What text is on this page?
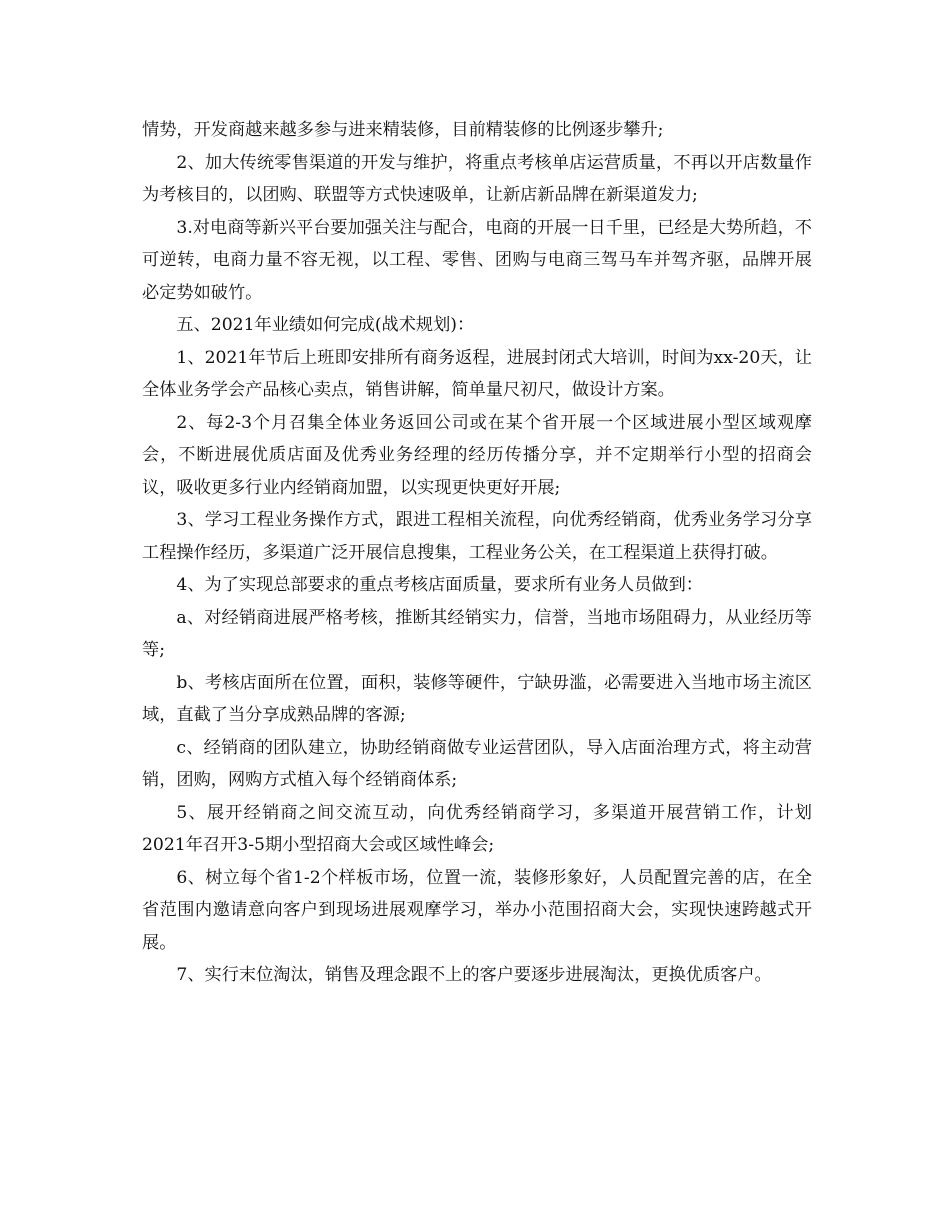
情势，开发商越来越多参与进来精装修，目前精装修的比例逐步攀升;

2、加大传统零售渠道的开发与维护，将重点考核单店运营质量，不再以开店数量作为考核目的，以团购、联盟等方式快速吸单，让新店新品牌在新渠道发力;

3.对电商等新兴平台要加强关注与配合，电商的开展一日千里，已经是大势所趋，不可逆转，电商力量不容无视，以工程、零售、团购与电商三驾马车并驾齐驱，品牌开展必定势如破竹。

五、2021年业绩如何完成(战术规划)：

1、2021年节后上班即安排所有商务返程，进展封闭式大培训，时间为xx-20天，让全体业务学会产品核心卖点，销售讲解，简单量尺初尺，做设计方案。

2、每2-3个月召集全体业务返回公司或在某个省开展一个区域进展小型区域观摩会，不断进展优质店面及优秀业务经理的经历传播分享，并不定期举行小型的招商会议，吸收更多行业内经销商加盟，以实现更快更好开展;

3、学习工程业务操作方式，跟进工程相关流程，向优秀经销商，优秀业务学习分享工程操作经历，多渠道广泛开展信息搜集，工程业务公关，在工程渠道上获得打破。

4、为了实现总部要求的重点考核店面质量，要求所有业务人员做到：

a、对经销商进展严格考核，推断其经销实力，信誉，当地市场阻碍力，从业经历等等;

b、考核店面所在位置，面积，装修等硬件，宁缺毋滥，必需要进入当地市场主流区域，直截了当分享成熟品牌的客源;

c、经销商的团队建立，协助经销商做专业运营团队，导入店面治理方式，将主动营销，团购，网购方式植入每个经销商体系;

5、展开经销商之间交流互动，向优秀经销商学习，多渠道开展营销工作，计划2021年召开3-5期小型招商大会或区域性峰会;

6、树立每个省1-2个样板市场，位置一流，装修形象好，人员配置完善的店，在全省范围内邀请意向客户到现场进展观摩学习，举办小范围招商大会，实现快速跨越式开展。

7、实行末位淘汰，销售及理念跟不上的客户要逐步进展淘汰，更换优质客户。
